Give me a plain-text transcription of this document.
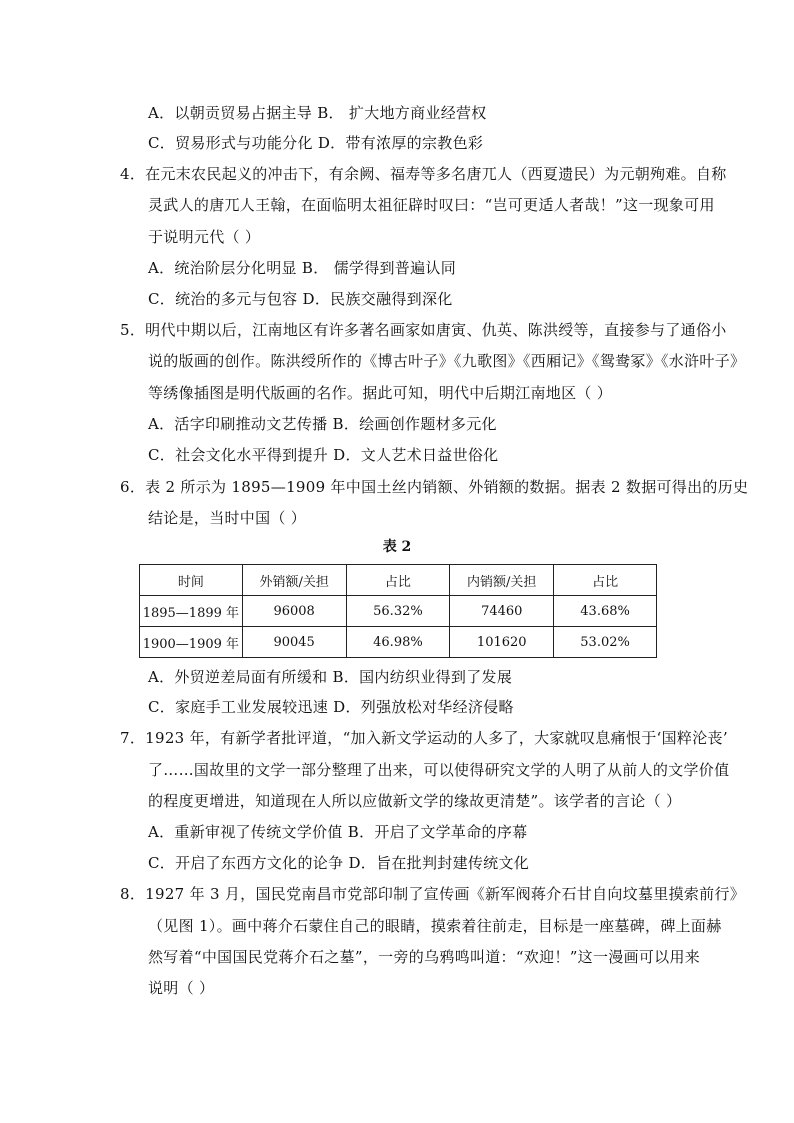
A．以朝贡贸易占据主导 B． 扩大地方商业经营权
C．贸易形式与功能分化 D．带有浓厚的宗教色彩
4．在元末农民起义的冲击下，有余阙、福寿等多名唐兀人（西夏遗民）为元朝殉难。自称
灵武人的唐兀人王翰，在面临明太祖征辟时叹曰：“岂可更适人者哉！”这一现象可用
于说明元代（ ）
A．统治阶层分化明显 B． 儒学得到普遍认同
C．统治的多元与包容 D．民族交融得到深化
5．明代中期以后，江南地区有许多著名画家如唐寅、仇英、陈洪绶等，直接参与了通俗小
说的版画的创作。陈洪绶所作的《博古叶子》《九歌图》《西厢记》《鸳鸯冢》《水浒叶子》
等绣像插图是明代版画的名作。据此可知，明代中后期江南地区（ ）
A．活字印刷推动文艺传播 B．绘画创作题材多元化
C．社会文化水平得到提升 D．文人艺术日益世俗化
6．表 2 所示为 1895—1909 年中国土丝内销额、外销额的数据。据表 2 数据可得出的历史
结论是，当时中国（ ）
表 2
时间	外销额/关担	占比	内销额/关担	占比
1895—1899 年	96008	56.32%	74460	43.68%
1900—1909 年	90045	46.98%	101620	53.02%
A．外贸逆差局面有所缓和 B．国内纺织业得到了发展
C．家庭手工业发展较迅速 D．列强放松对华经济侵略
7．1923 年，有新学者批评道，“加入新文学运动的人多了，大家就叹息痛恨于‘国粹沦丧’
了……国故里的文学一部分整理了出来，可以使得研究文学的人明了从前人的文学价值
的程度更增进，知道现在人所以应做新文学的缘故更清楚”。该学者的言论（ ）
A．重新审视了传统文学价值 B．开启了文学革命的序幕
C．开启了东西方文化的论争 D．旨在批判封建传统文化
8．1927 年 3 月，国民党南昌市党部印制了宣传画《新军阀蒋介石甘自向坟墓里摸索前行》
（见图 1）。画中蒋介石蒙住自己的眼睛，摸索着往前走，目标是一座墓碑，碑上面赫
然写着“中国国民党蒋介石之墓”，一旁的乌鸦鸣叫道：“欢迎！”这一漫画可以用来
说明（ ）
